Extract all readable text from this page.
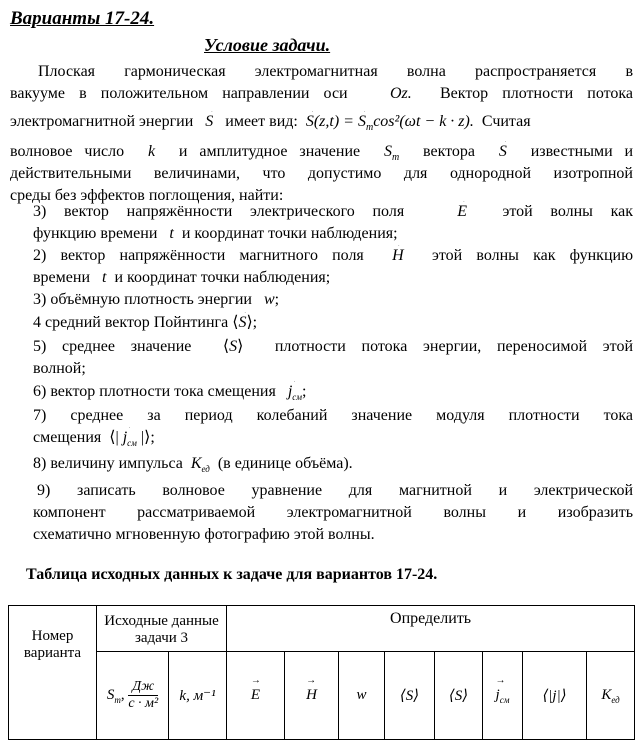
Варианты 17-24.
Условие задачи.
Плоская гармоническая электромагнитная волна распространяется в
вакууме в положительном направлении оси	Oz. Вектор плотности потока
электромагнитной энергии → S имеет вид: → S(z,t) = → $S_m\cos^2(\omega t - k \cdot z)$. Считая
волновое число k и амплитудное значение $S_m$ вектора → S известными и
действительными величинами, что допустимо для однородной изотропной
среды без эффектов поглощения, найти:
3) вектор напряжённости электрического поля	→ E этой волны как
функцию времени t и координат точки наблюдения;
2) вектор напряжённости магнитного поля → H этой волны как функцию
времени t и координат точки наблюдения;
3) объёмную плотность энергии w;
4 средний вектор Пойнтинга ⟨→ S⟩;
5) среднее значение  ⟨S⟩  плотности потока энергии, переносимой этой
волной;
6) вектор плотности тока смещения → $j_{см}$;
7) среднее за период колебаний значение модуля плотности тока
смещения  ⟨| → $j_{см}$ |⟩;
8) величину импульса $K_{ед}$ (в единице объёма).
9) записать волновое уравнение для магнитной и электрической
компонент рассматриваемой электромагнитной волны и изобразить
схематично мгновенную фотографию этой волны.
Таблица исходных данных к задаче для вариантов 17-24.
Номер варианта	Исходные данные задачи 3		Определить							
	$S_m$,
Дж
с · м²	k, м⁻¹	→ E	→ H	w	⟨S⟩	⟨S⟩	→ $j_{см}$	⟨|j|⟩	$K_{ед}$
